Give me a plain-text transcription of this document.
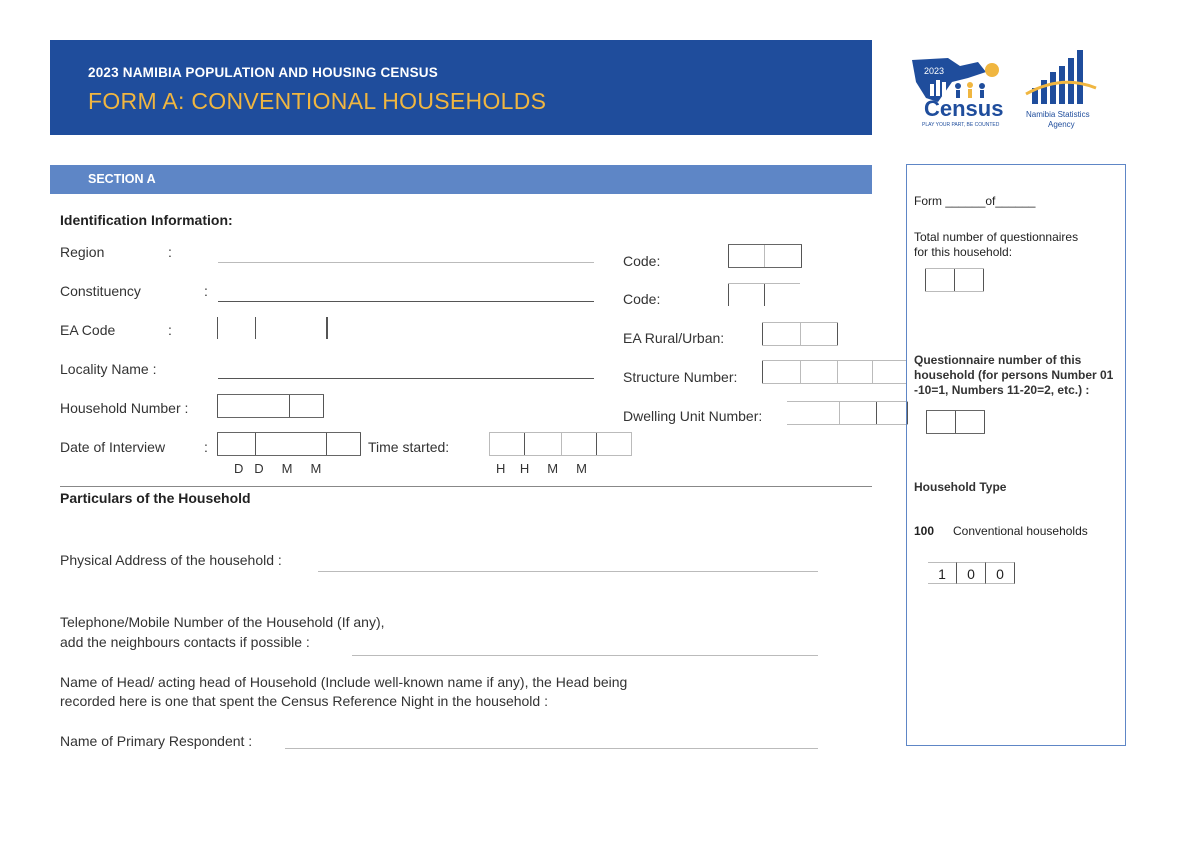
2023 NAMIBIA POPULATION AND HOUSING CENSUS
FORM A: CONVENTIONAL HOUSEHOLDS
2023
Census
PLAY YOUR PART, BE COUNTED
Namibia Statistics
Agency
SECTION A
Identification Information:
Region	:
Constituency	:
EA Code	:
Locality Name :
Household Number :
Date of Interview	:
D   D     M     M
Time started:
H    H     M     M
Code:
Code:
EA Rural/Urban:
Structure Number:
Dwelling Unit Number:
Particulars of the Household
Physical Address of the household :
Telephone/Mobile Number of the Household (If any),
add the neighbours contacts if possible :
Name of Head/ acting head of Household (Include well-known name if any), the Head being
recorded here is one that spent the Census Reference Night in the household :
Name of Primary Respondent :
Form ______of______
Total number of questionnaires
for this household:
Questionnaire number of this
household (for persons Number 01
-10=1, Numbers 11-20=2, etc.) :
Household Type
100 Conventional households
1	0	0
